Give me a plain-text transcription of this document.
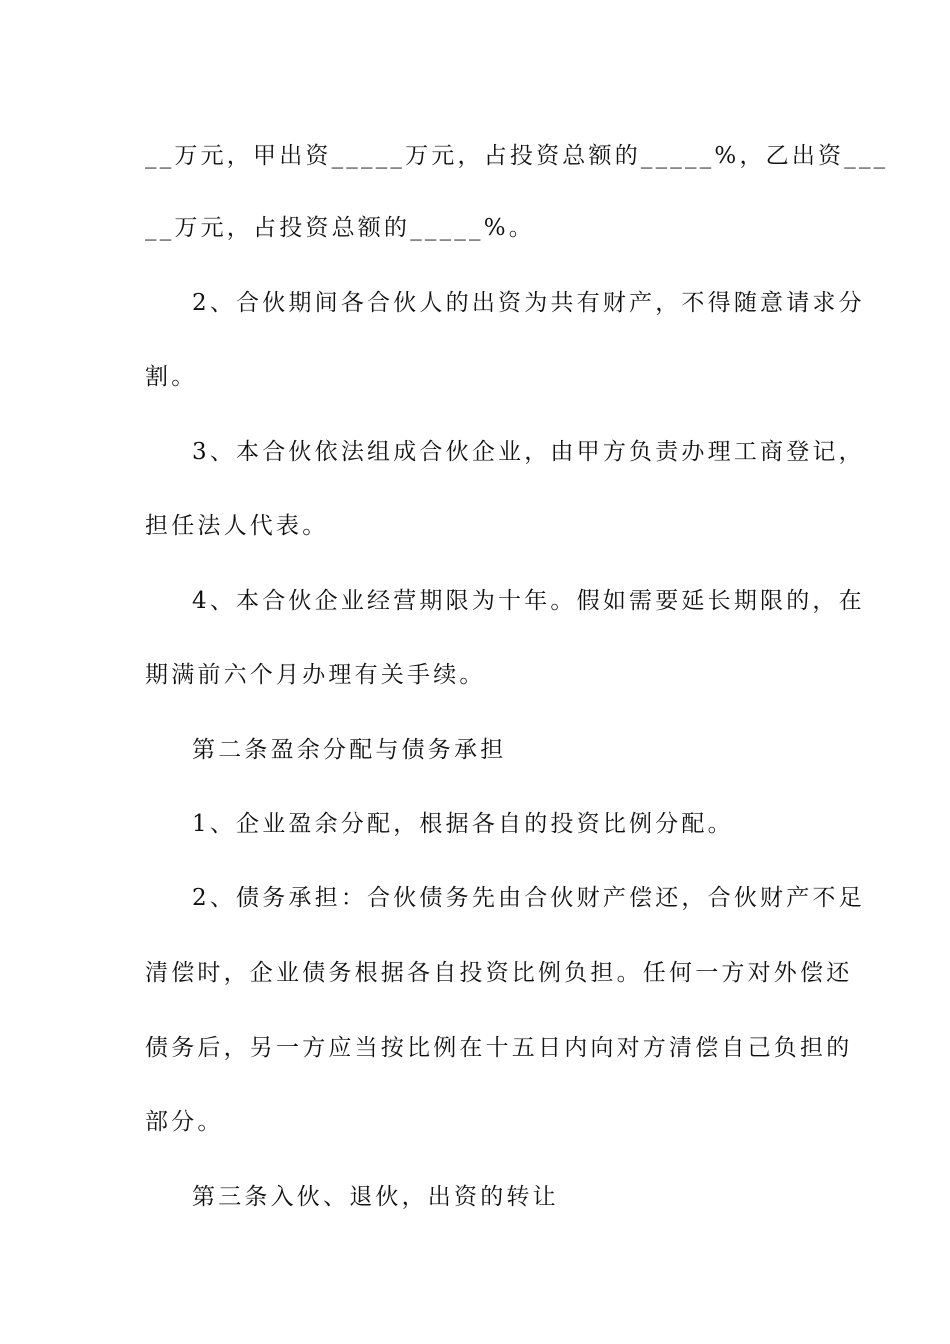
__万元，甲出资_____万元，占投资总额的_____%，乙出资___
__万元，占投资总额的_____%。
2、合伙期间各合伙人的出资为共有财产，不得随意请求分
割。
3、本合伙依法组成合伙企业，由甲方负责办理工商登记，
担任法人代表。
4、本合伙企业经营期限为十年。假如需要延长期限的，在
期满前六个月办理有关手续。
第二条盈余分配与债务承担
1、企业盈余分配，根据各自的投资比例分配。
2、债务承担：合伙债务先由合伙财产偿还，合伙财产不足
清偿时，企业债务根据各自投资比例负担。任何一方对外偿还
债务后，另一方应当按比例在十五日内向对方清偿自己负担的
部分。
第三条入伙、退伙，出资的转让
